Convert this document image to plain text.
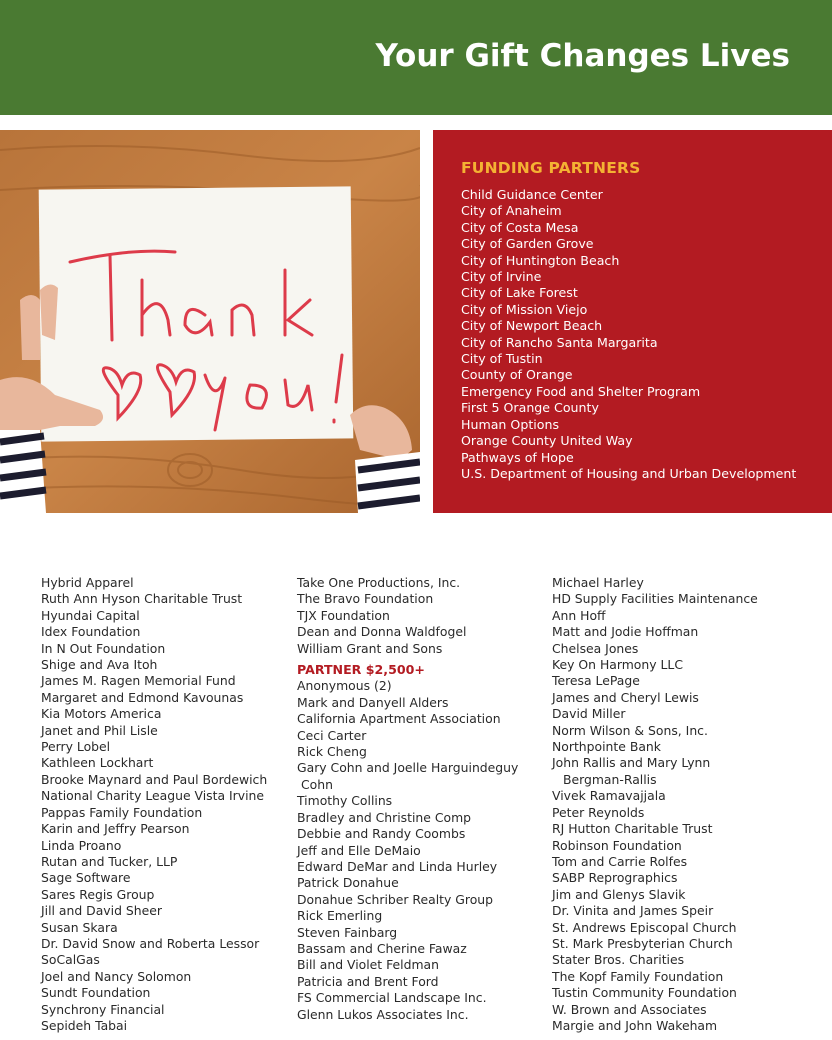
Your Gift Changes Lives
FUNDING PARTNERS
Child Guidance Center
City of Anaheim
City of Costa Mesa
City of Garden Grove
City of Huntington Beach
City of Irvine
City of Lake Forest
City of Mission Viejo
City of Newport Beach
City of Rancho Santa Margarita
City of Tustin
County of Orange
Emergency Food and Shelter Program
First 5 Orange County
Human Options
Orange County United Way
Pathways of Hope
U.S. Department of Housing and Urban Development
Hybrid Apparel
Ruth Ann Hyson Charitable Trust
Hyundai Capital
Idex Foundation
In N Out Foundation
Shige and Ava Itoh
James M. Ragen Memorial Fund
Margaret and Edmond Kavounas
Kia Motors America
Janet and Phil Lisle
Perry Lobel
Kathleen Lockhart
Brooke Maynard and Paul Bordewich
National Charity League Vista Irvine
Pappas Family Foundation
Karin and Jeffry Pearson
Linda Proano
Rutan and Tucker, LLP
Sage Software
Sares Regis Group
Jill and David Sheer
Susan Skara
Dr. David Snow and Roberta Lessor
SoCalGas
Joel and Nancy Solomon
Sundt Foundation
Synchrony Financial
Sepideh Tabai
Take One Productions, Inc.
The Bravo Foundation
TJX Foundation
Dean and Donna Waldfogel
William Grant and Sons
PARTNER $2,500+
Anonymous (2)
Mark and Danyell Alders
California Apartment Association
Ceci Carter
Rick Cheng
Gary Cohn and Joelle Harguindeguy
Cohn
Timothy Collins
Bradley and Christine Comp
Debbie and Randy Coombs
Jeff and Elle DeMaio
Edward DeMar and Linda Hurley
Patrick Donahue
Donahue Schriber Realty Group
Rick Emerling
Steven Fainbarg
Bassam and Cherine Fawaz
Bill and Violet Feldman
Patricia and Brent Ford
FS Commercial Landscape Inc.
Glenn Lukos Associates Inc.
Michael Harley
HD Supply Facilities Maintenance
Ann Hoff
Matt and Jodie Hoffman
Chelsea Jones
Key On Harmony LLC
Teresa LePage
James and Cheryl Lewis
David Miller
Norm Wilson & Sons, Inc.
Northpointe Bank
John Rallis and Mary Lynn
Bergman-Rallis
Vivek Ramavajjala
Peter Reynolds
RJ Hutton Charitable Trust
Robinson Foundation
Tom and Carrie Rolfes
SABP Reprographics
Jim and Glenys Slavik
Dr. Vinita and James Speir
St. Andrews Episcopal Church
St. Mark Presbyterian Church
Stater Bros. Charities
The Kopf Family Foundation
Tustin Community Foundation
W. Brown and Associates
Margie and John Wakeham
